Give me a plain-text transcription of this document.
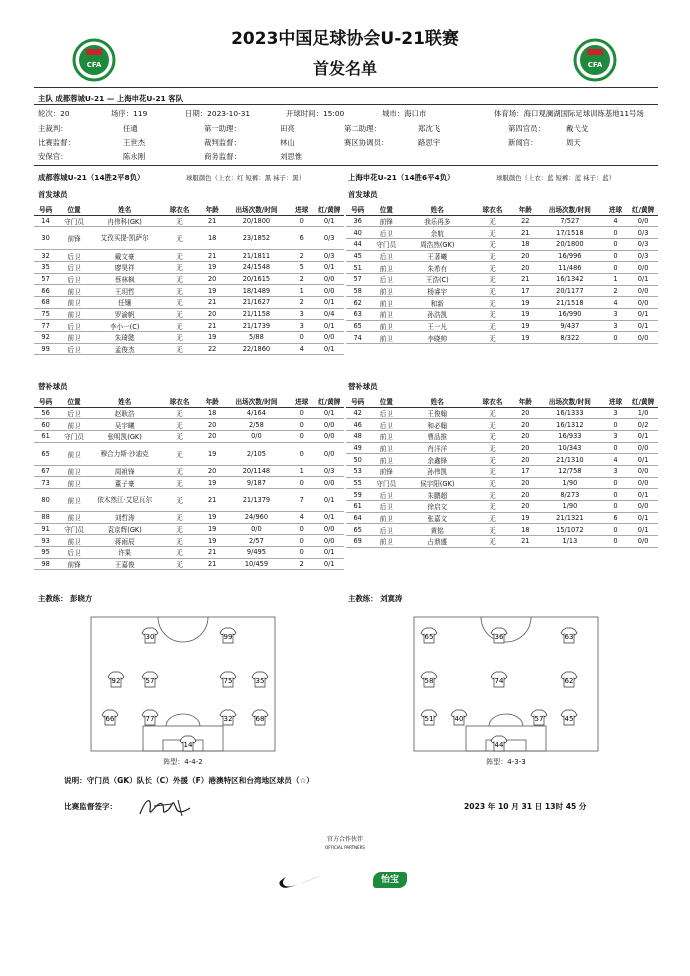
CFA	CFA
2023中国足球协会U-21联赛
首发名单
主队 成都蓉城U-21 — 上海申花U-21 客队
轮次：20	场序：119	日期：2023-10-31	开球时间：15:00	城市：海口市	体育场：海口观澜湖国际足球训练基地11号场
主裁判：	任通	第一助理：	田亮	第二助理：	郑沈飞	第四官员：	戴弋戈
比赛监督：	王世杰	裁判监督：	林山	赛区协调员：	路思宇	新闻官：	周天
安保官：	陈永刚	商务监督：	刘思惟
成都蓉城U-21（14胜2平8负）	球服颜色（上衣：红 短裤：黑 袜子：黑）	上海申花U-21（14胜6平4负）	球服颜色（上衣：蓝 短裤：蓝 袜子：蓝）
首发球员	首发球员
号码	位置	姓名	球衣名	年龄	出场次数/时间	进球	红/黄牌
14	守门员	冉伟科(GK)	无	21	20/1800	0	0/1
30	前锋	艾孜买提·凯萨尔	无	18	23/1852	6	0/3
32	后卫	戴文豪	无	21	21/1811	2	0/3
35	后卫	廖昊祥	无	19	24/1548	5	0/1
57	后卫	蔡林枫	无	20	20/1615	2	0/0
66	前卫	王玥哲	无	19	18/1489	1	0/0
68	前卫	任镶	无	21	21/1627	2	0/1
75	前卫	罗渝帆	无	20	21/1158	3	0/4
77	后卫	李小一(C)	无	21	21/1739	3	0/1
92	前卫	朱琦懿	无	19	5/88	0	0/0
99	后卫	孟俊杰	无	22	22/1860	4	0/1
号码	位置	姓名	球衣名	年龄	出场次数/时间	进球	红/黄牌
36	前锋	我乐再多	无	22	7/527	4	0/0
40	后卫	余航	无	21	17/1518	0	0/3
44	守门员	周浩然(GK)	无	18	20/1800	0	0/3
45	后卫	王著曦	无	20	16/996	0	0/3
51	前卫	朱希有	无	20	11/486	0	0/0
57	后卫	王浩(C)	无	21	16/1342	1	0/1
58	前卫	杨睿宇	无	17	20/1177	2	0/0
62	前卫	和新	无	19	21/1518	4	0/0
63	前卫	孙浩凯	无	19	16/990	3	0/1
65	前卫	王一凡	无	19	9/437	3	0/1
74	前卫	李晓帅	无	19	8/322	0	0/0
替补球员	替补球员
号码	位置	姓名	球衣名	年龄	出场次数/时间	进球	红/黄牌
56	后卫	赵耿浩	无	18	4/164	0	0/1
60	前卫	吴宇曦	无	20	2/58	0	0/0
61	守门员	张明凯(GK)	无	20	0/0	0	0/0
65	前卫	穆合力斯·沙迪克	无	19	2/105	0	0/0
67	前卫	周祖锋	无	20	20/1148	1	0/3
73	前卫	董子豪	无	19	9/187	0	0/0
80	前卫	依木然江·艾尼瓦尔	无	21	21/1379	7	0/1
88	前卫	刘哲涛	无	19	24/960	4	0/1
91	守门员	袁京辉(GK)	无	19	0/0	0	0/0
93	前卫	蒋雨辰	无	19	2/57	0	0/0
95	后卫	许果	无	21	9/495	0	0/1
98	前锋	王嘉俊	无	21	10/459	2	0/1
号码	位置	姓名	球衣名	年龄	出场次数/时间	进球	红/黄牌
42	后卫	王俊翰	无	20	16/1333	3	1/0
46	后卫	和必翰	无	20	16/1312	0	0/2
48	前卫	曹品推	无	20	16/933	3	0/1
49	前卫	肖洋洋	无	20	10/343	0	0/0
50	前卫	余鑫锋	无	20	21/1310	4	0/1
53	前锋	孙伟凯	无	17	12/758	3	0/0
55	守门员	侯宇阳(GK)	无	20	1/90	0	0/0
59	后卫	朱鹏超	无	20	8/273	0	0/1
61	后卫	徐启文	无	20	1/90	0	0/0
64	前卫	张嘉文	无	19	21/1321	6	0/1
65	后卫	黄铭	无	18	15/1072	0	0/1
69	前卫	占鼎盛	无	21	1/13	0	0/0
主教练： 彭晓方	主教练： 刘寞涛
30	99
92	57	75	35
66	77	32	68
14
65	36	63
74	62
58
51	40	57	45
44
阵型：4-4-2	阵型：4-3-3
说明：守门员（GK）队长（C）外援（F）港澳特区和台湾地区球员（☆）
比赛监督签字：	2023 年 10 月 31 日 13时 45 分
官方合作伙伴
OFFICIAL PARTNERS
怡宝
